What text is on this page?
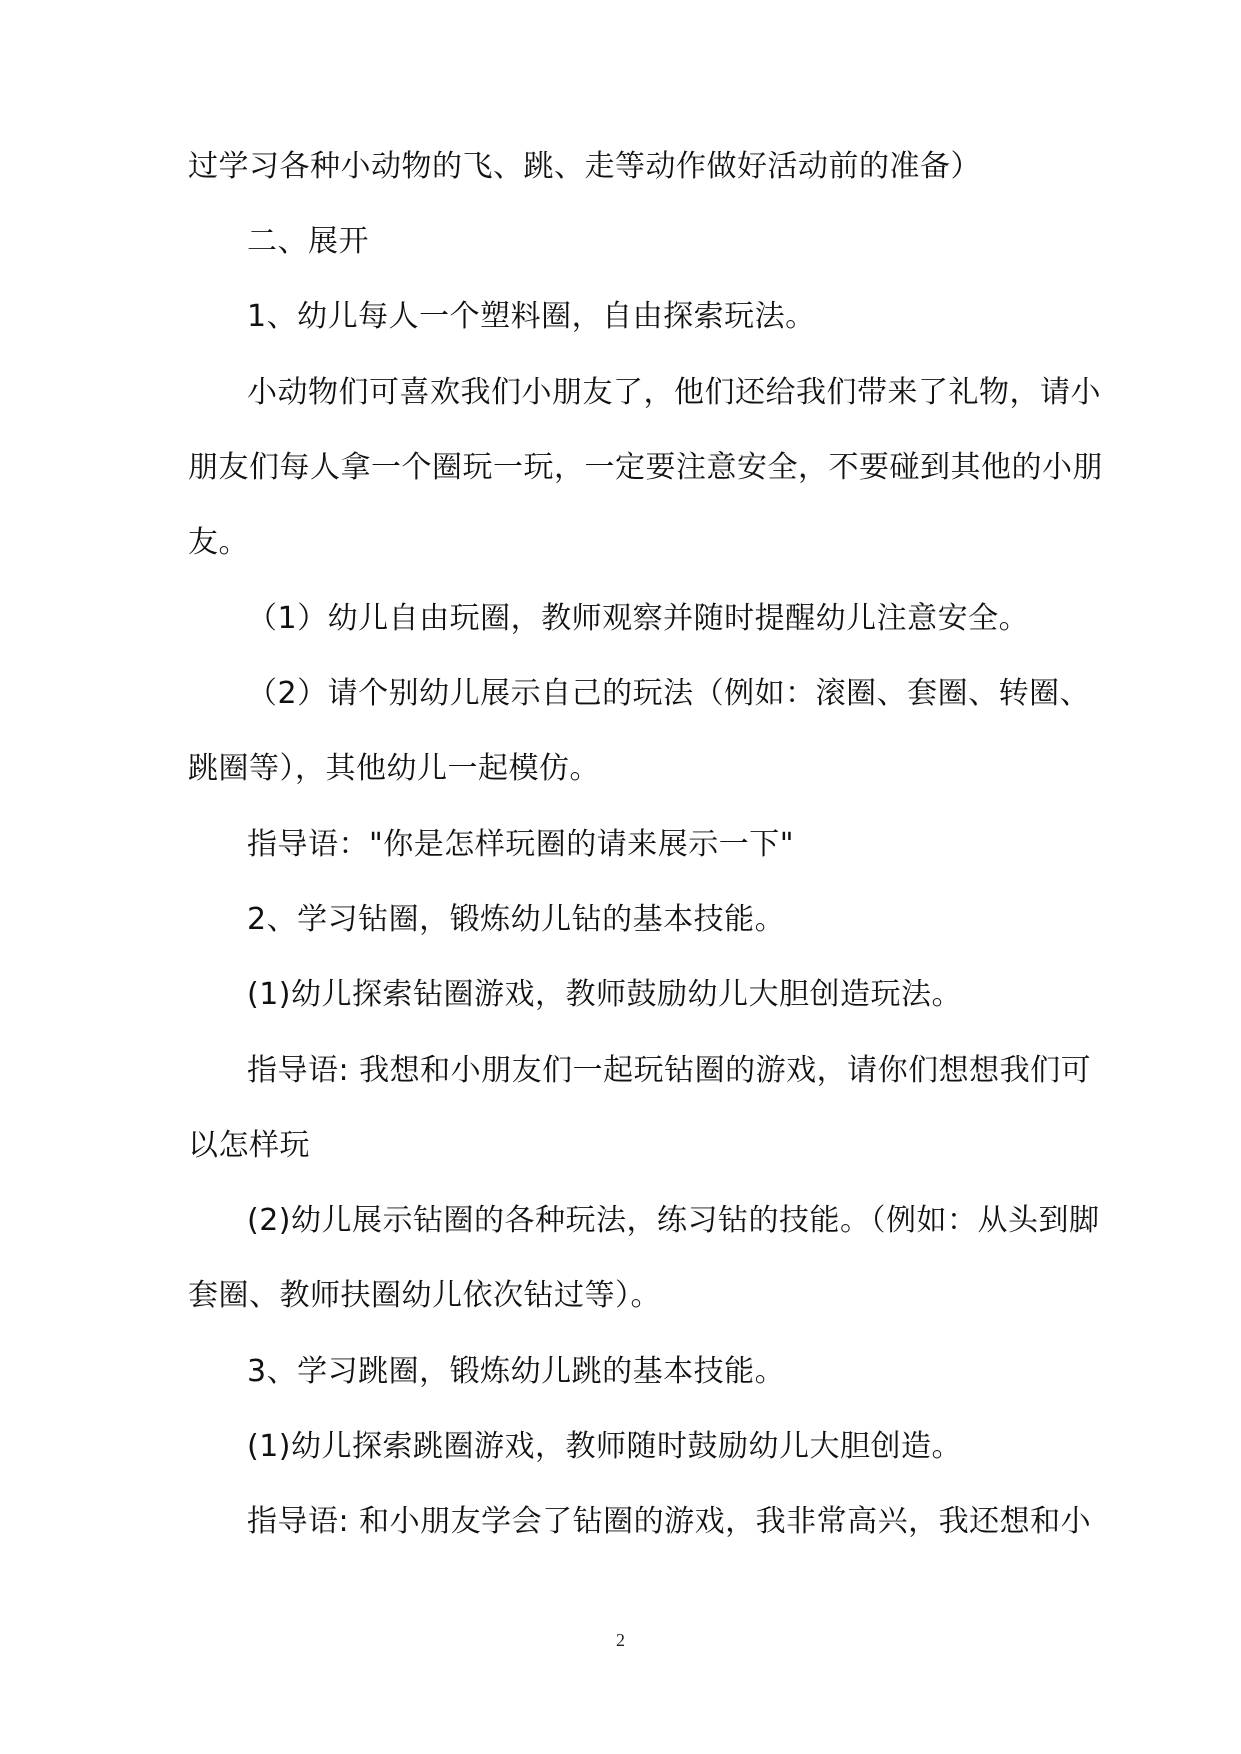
过学习各种小动物的飞、跳、走等动作做好活动前的准备）
二、展开
1、幼儿每人一个塑料圈，自由探索玩法。
小动物们可喜欢我们小朋友了，他们还给我们带来了礼物，请小
朋友们每人拿一个圈玩一玩，一定要注意安全，不要碰到其他的小朋
友。
（1）幼儿自由玩圈，教师观察并随时提醒幼儿注意安全。
（2）请个别幼儿展示自己的玩法（例如：滚圈、套圈、转圈、
跳圈等），其他幼儿一起模仿。
指导语："你是怎样玩圈的请来展示一下"
2、学习钻圈，锻炼幼儿钻的基本技能。
(1)幼儿探索钻圈游戏，教师鼓励幼儿大胆创造玩法。
指导语: 我想和小朋友们一起玩钻圈的游戏，请你们想想我们可
以怎样玩
(2)幼儿展示钻圈的各种玩法，练习钻的技能。（例如：从头到脚
套圈、教师扶圈幼儿依次钻过等）。
3、学习跳圈，锻炼幼儿跳的基本技能。
(1)幼儿探索跳圈游戏，教师随时鼓励幼儿大胆创造。
指导语: 和小朋友学会了钻圈的游戏，我非常高兴，我还想和小
2
